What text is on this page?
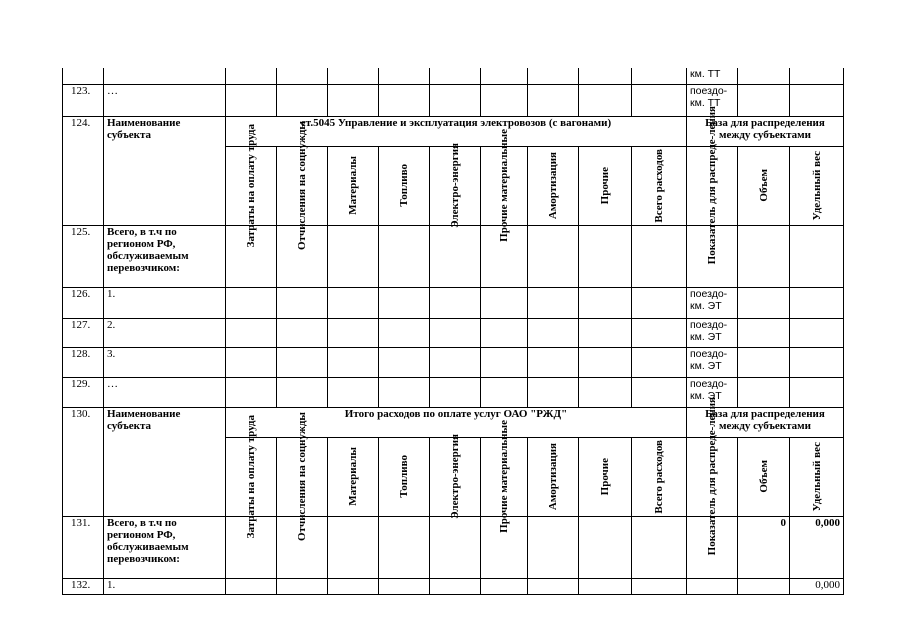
											км. ТТ		
123.	…										поездо-км. ТТ		
124.	Наименование субъекта	ст.5045 Управление и эксплуатация электровозов (с вагонами)									База для распределения между субъектами		

		Затраты на оплату труда	Отчисления на соцнужды	Материалы	Топливо	Электро-энергия	Прочие материальные	Амортизация	Прочие	Всего расходов	Показатель для распреде-ления	Объем	Удельный вес

125.	Всего, в т.ч по регионом РФ, обслуживаемым перевозчиком:												
126.	1.										поездо-км. ЭТ		
127.	2.										поездо-км. ЭТ		
128.	3.										поездо-км. ЭТ		
129.	…										поездо-км. ЭТ		
130.	Наименование субъекта	Итого расходов по оплате услуг ОАО "РЖД"									База для распределения между субъектами		

		Затраты на оплату труда	Отчисления на соцнужды	Материалы	Топливо	Электро-энергия	Прочие материальные	Амортизация	Прочие	Всего расходов	Показатель для распреде-ления	Объем	Удельный вес

131.	Всего, в т.ч по регионом РФ, обслуживаемым перевозчиком:											0	0,000
132.	1.												0,000
